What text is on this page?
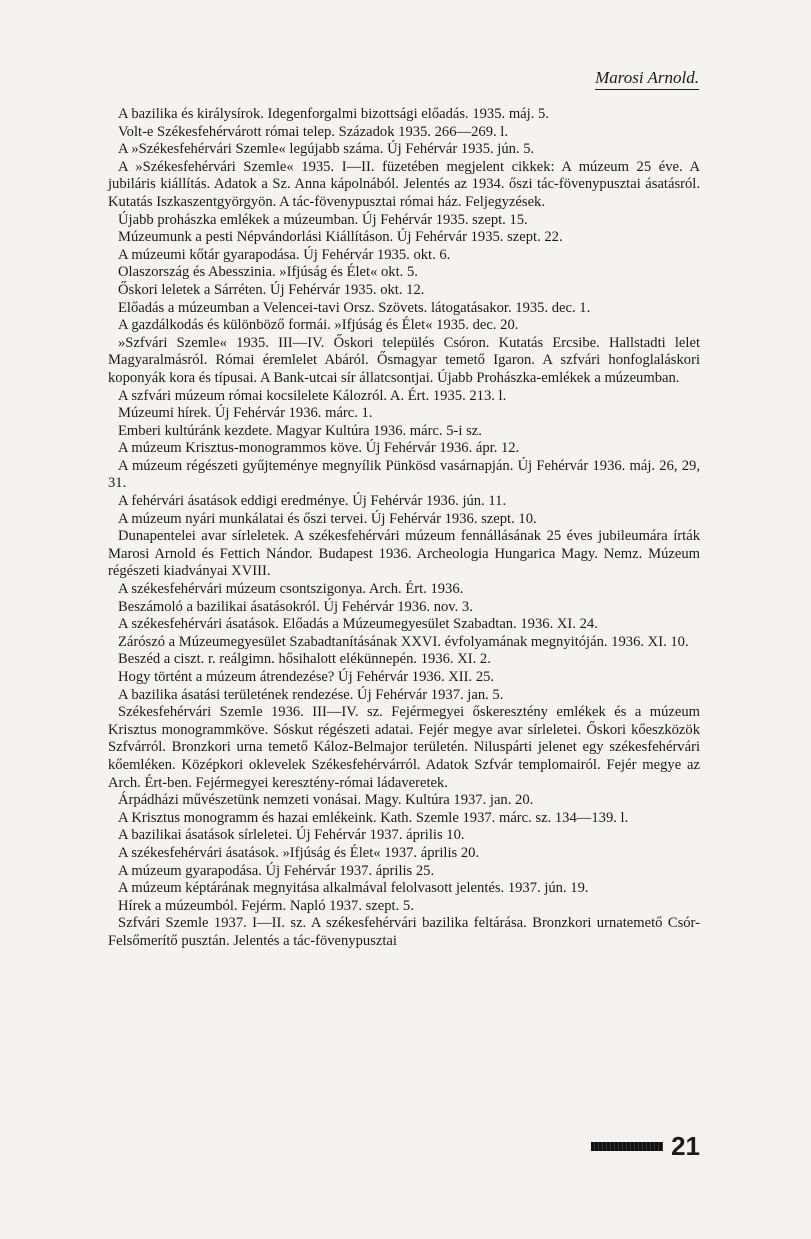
Marosi Arnold.

A bazilika és királysírok. Idegenforgalmi bizottsági előadás. 1935. máj. 5.

Volt-e Székesfehérvárott római telep. Századok 1935. 266—269. l.

A »Székesfehérvári Szemle« legújabb száma. Új Fehérvár 1935. jún. 5.

A »Székesfehérvári Szemle« 1935. I—II. füzetében megjelent cikkek: A múzeum 25 éve. A jubiláris kiállítás. Adatok a Sz. Anna kápolnából. Jelentés az 1934. őszi tác-fövenypusztai ásatásról. Kutatás Iszkaszentgyörgyön. A tác-fövenypusztai római ház. Feljegyzések.

Újabb prohászka emlékek a múzeumban. Új Fehérvár 1935. szept. 15.

Múzeumunk a pesti Népvándorlási Kiállításon. Új Fehérvár 1935. szept. 22.

A múzeumi kőtár gyarapodása. Új Fehérvár 1935. okt. 6.

Olaszország és Abesszinia. »Ifjúság és Élet« okt. 5.

Őskori leletek a Sárréten. Új Fehérvár 1935. okt. 12.

Előadás a múzeumban a Velencei-tavi Orsz. Szövets. látogatásakor. 1935. dec. 1.

A gazdálkodás és különböző formái. »Ifjúság és Élet« 1935. dec. 20.

»Szfvári Szemle« 1935. III—IV. Őskori település Csóron. Kutatás Ercsibe. Hallstadti lelet Magyaralmásról. Római éremlelet Abáról. Ősmagyar temető Igaron. A szfvári honfoglaláskori koponyák kora és típusai. A Bank-utcai sír állatcsontjai. Újabb Prohászka-emlékek a múzeumban.

A szfvári múzeum római kocsilelete Kálozról. A. Ért. 1935. 213. l.

Múzeumi hírek. Új Fehérvár 1936. márc. 1.

Emberi kultúránk kezdete. Magyar Kultúra 1936. márc. 5-i sz.

A múzeum Krisztus-monogrammos köve. Új Fehérvár 1936. ápr. 12.

A múzeum régészeti gyűjteménye megnyílik Pünkösd vasárnapján. Új Fehérvár 1936. máj. 26, 29, 31.

A fehérvári ásatások eddigi eredménye. Új Fehérvár 1936. jún. 11.

A múzeum nyári munkálatai és őszi tervei. Új Fehérvár 1936. szept. 10.

Dunapentelei avar sírleletek. A székesfehérvári múzeum fennállásának 25 éves jubileumára írták Marosi Arnold és Fettich Nándor. Budapest 1936. Archeologia Hungarica Magy. Nemz. Múzeum régészeti kiadványai XVIII.

A székesfehérvári múzeum csontszigonya. Arch. Ért. 1936.

Beszámoló a bazilikai ásatásokról. Új Fehérvár 1936. nov. 3.

A székesfehérvári ásatások. Előadás a Múzeumegyesület Szabadtan. 1936. XI. 24.

Zárószó a Múzeumegyesület Szabadtanításának XXVI. évfolyamának megnyitóján. 1936. XI. 10.

Beszéd a ciszt. r. reálgimn. hősihalott elékünnepén. 1936. XI. 2.

Hogy történt a múzeum átrendezése? Új Fehérvár 1936. XII. 25.

A bazilika ásatási területének rendezése. Új Fehérvár 1937. jan. 5.

Székesfehérvári Szemle 1936. III—IV. sz. Fejérmegyei őskeresztény emlékek és a múzeum Krisztus monogrammköve. Sóskut régészeti adatai. Fejér megye avar sírleletei. Őskori kőeszközök Szfvárról. Bronzkori urna temető Káloz-Belmajor területén. Niluspárti jelenet egy székesfehérvári kőemléken. Középkori oklevelek Székesfehérvárról. Adatok Szfvár templomairól. Fejér megye az Arch. Ért-ben. Fejérmegyei keresztény-római ládaveretek.

Árpádházi művészetünk nemzeti vonásai. Magy. Kultúra 1937. jan. 20.

A Krisztus monogramm és hazai emlékeink. Kath. Szemle 1937. márc. sz. 134—139. l.

A bazilikai ásatások sírleletei. Új Fehérvár 1937. április 10.

A székesfehérvári ásatások. »Ifjúság és Élet« 1937. április 20.

A múzeum gyarapodása. Új Fehérvár 1937. április 25.

A múzeum képtárának megnyitása alkalmával felolvasott jelentés. 1937. jún. 19.

Hírek a múzeumból. Fejérm. Napló 1937. szept. 5.

Szfvári Szemle 1937. I—II. sz. A székesfehérvári bazilika feltárása. Bronzkori urnatemető Csór-Felsőmerítő pusztán. Jelentés a tác-fövenypusztai

21
